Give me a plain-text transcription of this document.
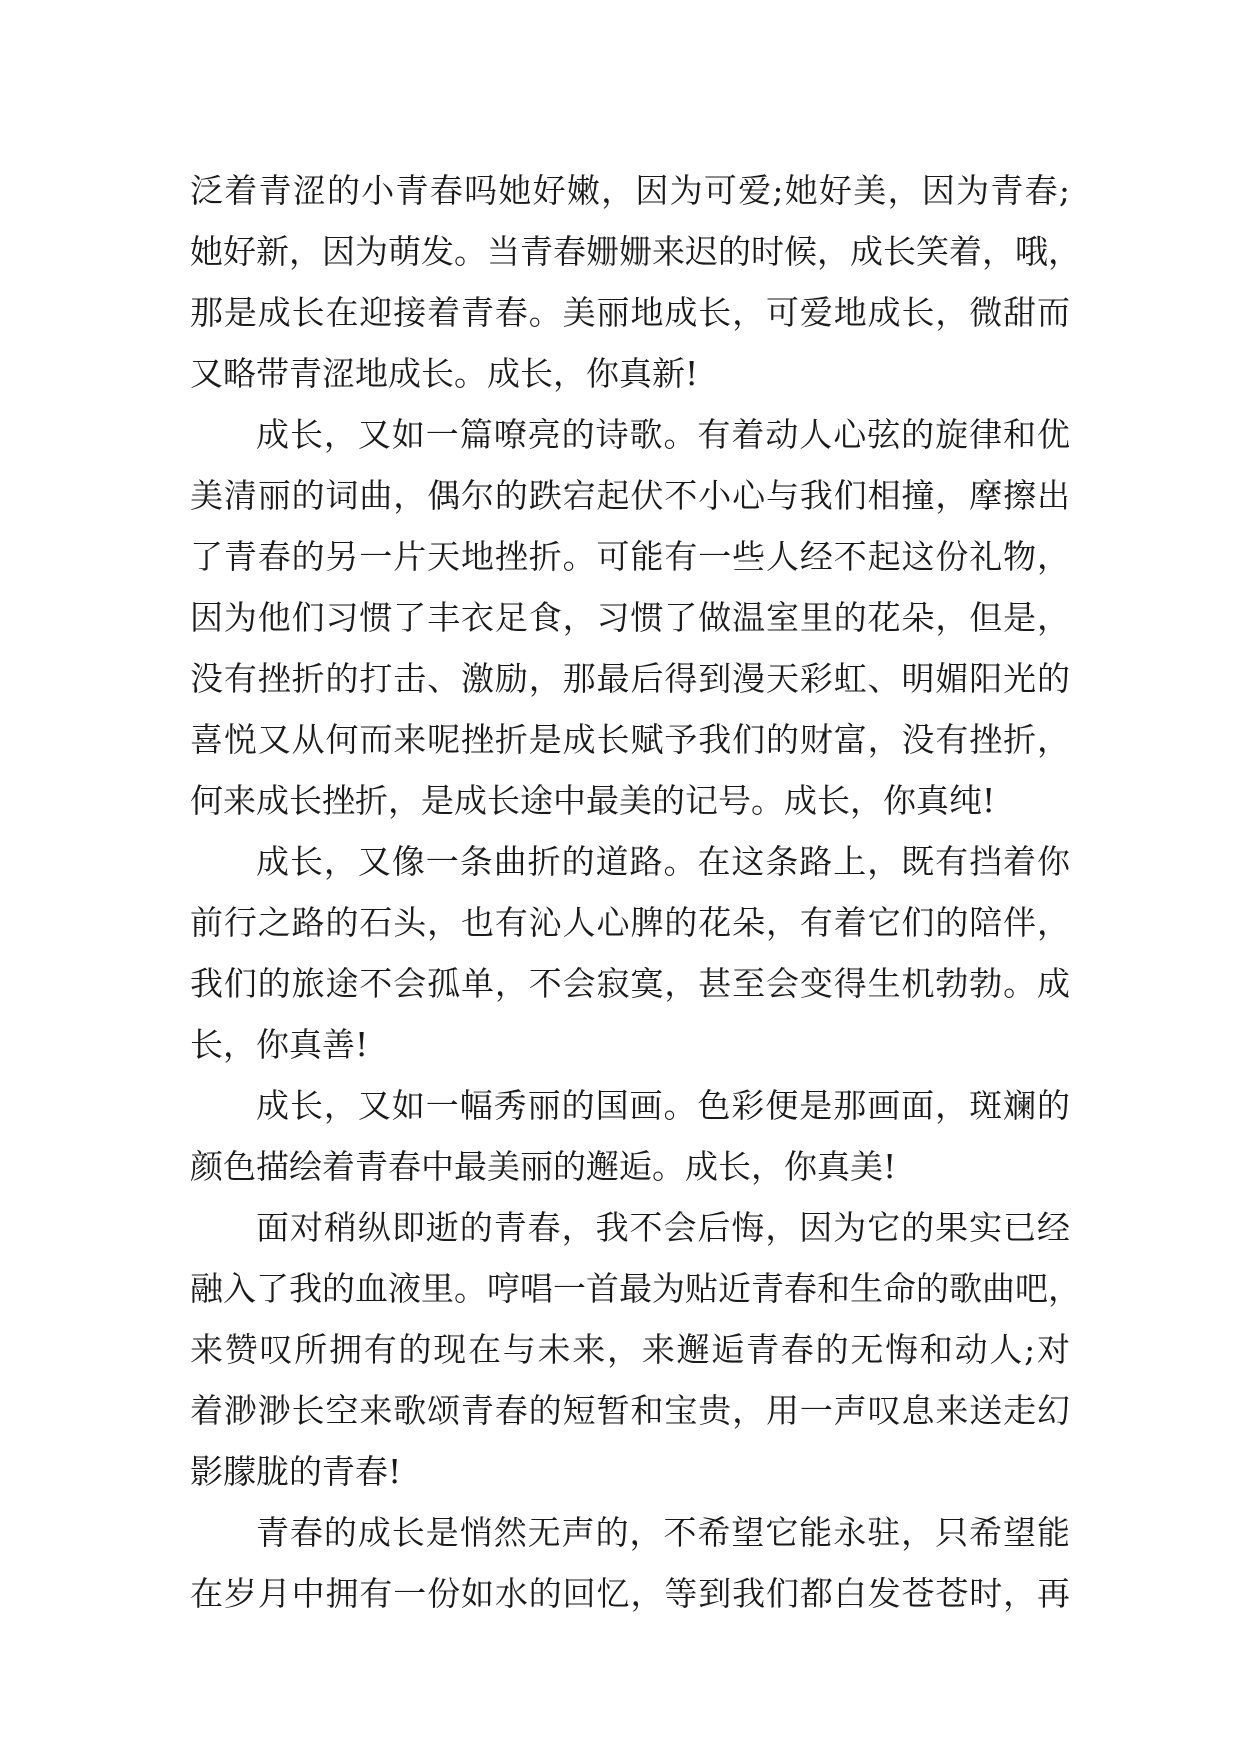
泛着青涩的小青春吗她好嫩，因为可爱;她好美，因为青春;
她好新，因为萌发。当青春姗姗来迟的时候，成长笑着，哦，
那是成长在迎接着青春。美丽地成长，可爱地成长，微甜而
又略带青涩地成长。成长，你真新!
成长，又如一篇嘹亮的诗歌。有着动人心弦的旋律和优
美清丽的词曲，偶尔的跌宕起伏不小心与我们相撞，摩擦出
了青春的另一片天地挫折。可能有一些人经不起这份礼物，
因为他们习惯了丰衣足食，习惯了做温室里的花朵，但是，
没有挫折的打击、激励，那最后得到漫天彩虹、明媚阳光的
喜悦又从何而来呢挫折是成长赋予我们的财富，没有挫折，
何来成长挫折，是成长途中最美的记号。成长，你真纯!
成长，又像一条曲折的道路。在这条路上，既有挡着你
前行之路的石头，也有沁人心脾的花朵，有着它们的陪伴，
我们的旅途不会孤单，不会寂寞，甚至会变得生机勃勃。成
长，你真善!
成长，又如一幅秀丽的国画。色彩便是那画面，斑斓的
颜色描绘着青春中最美丽的邂逅。成长，你真美!
面对稍纵即逝的青春，我不会后悔，因为它的果实已经
融入了我的血液里。哼唱一首最为贴近青春和生命的歌曲吧，
来赞叹所拥有的现在与未来，来邂逅青春的无悔和动人;对
着渺渺长空来歌颂青春的短暂和宝贵，用一声叹息来送走幻
影朦胧的青春!
青春的成长是悄然无声的，不希望它能永驻，只希望能
在岁月中拥有一份如水的回忆，等到我们都白发苍苍时，再
